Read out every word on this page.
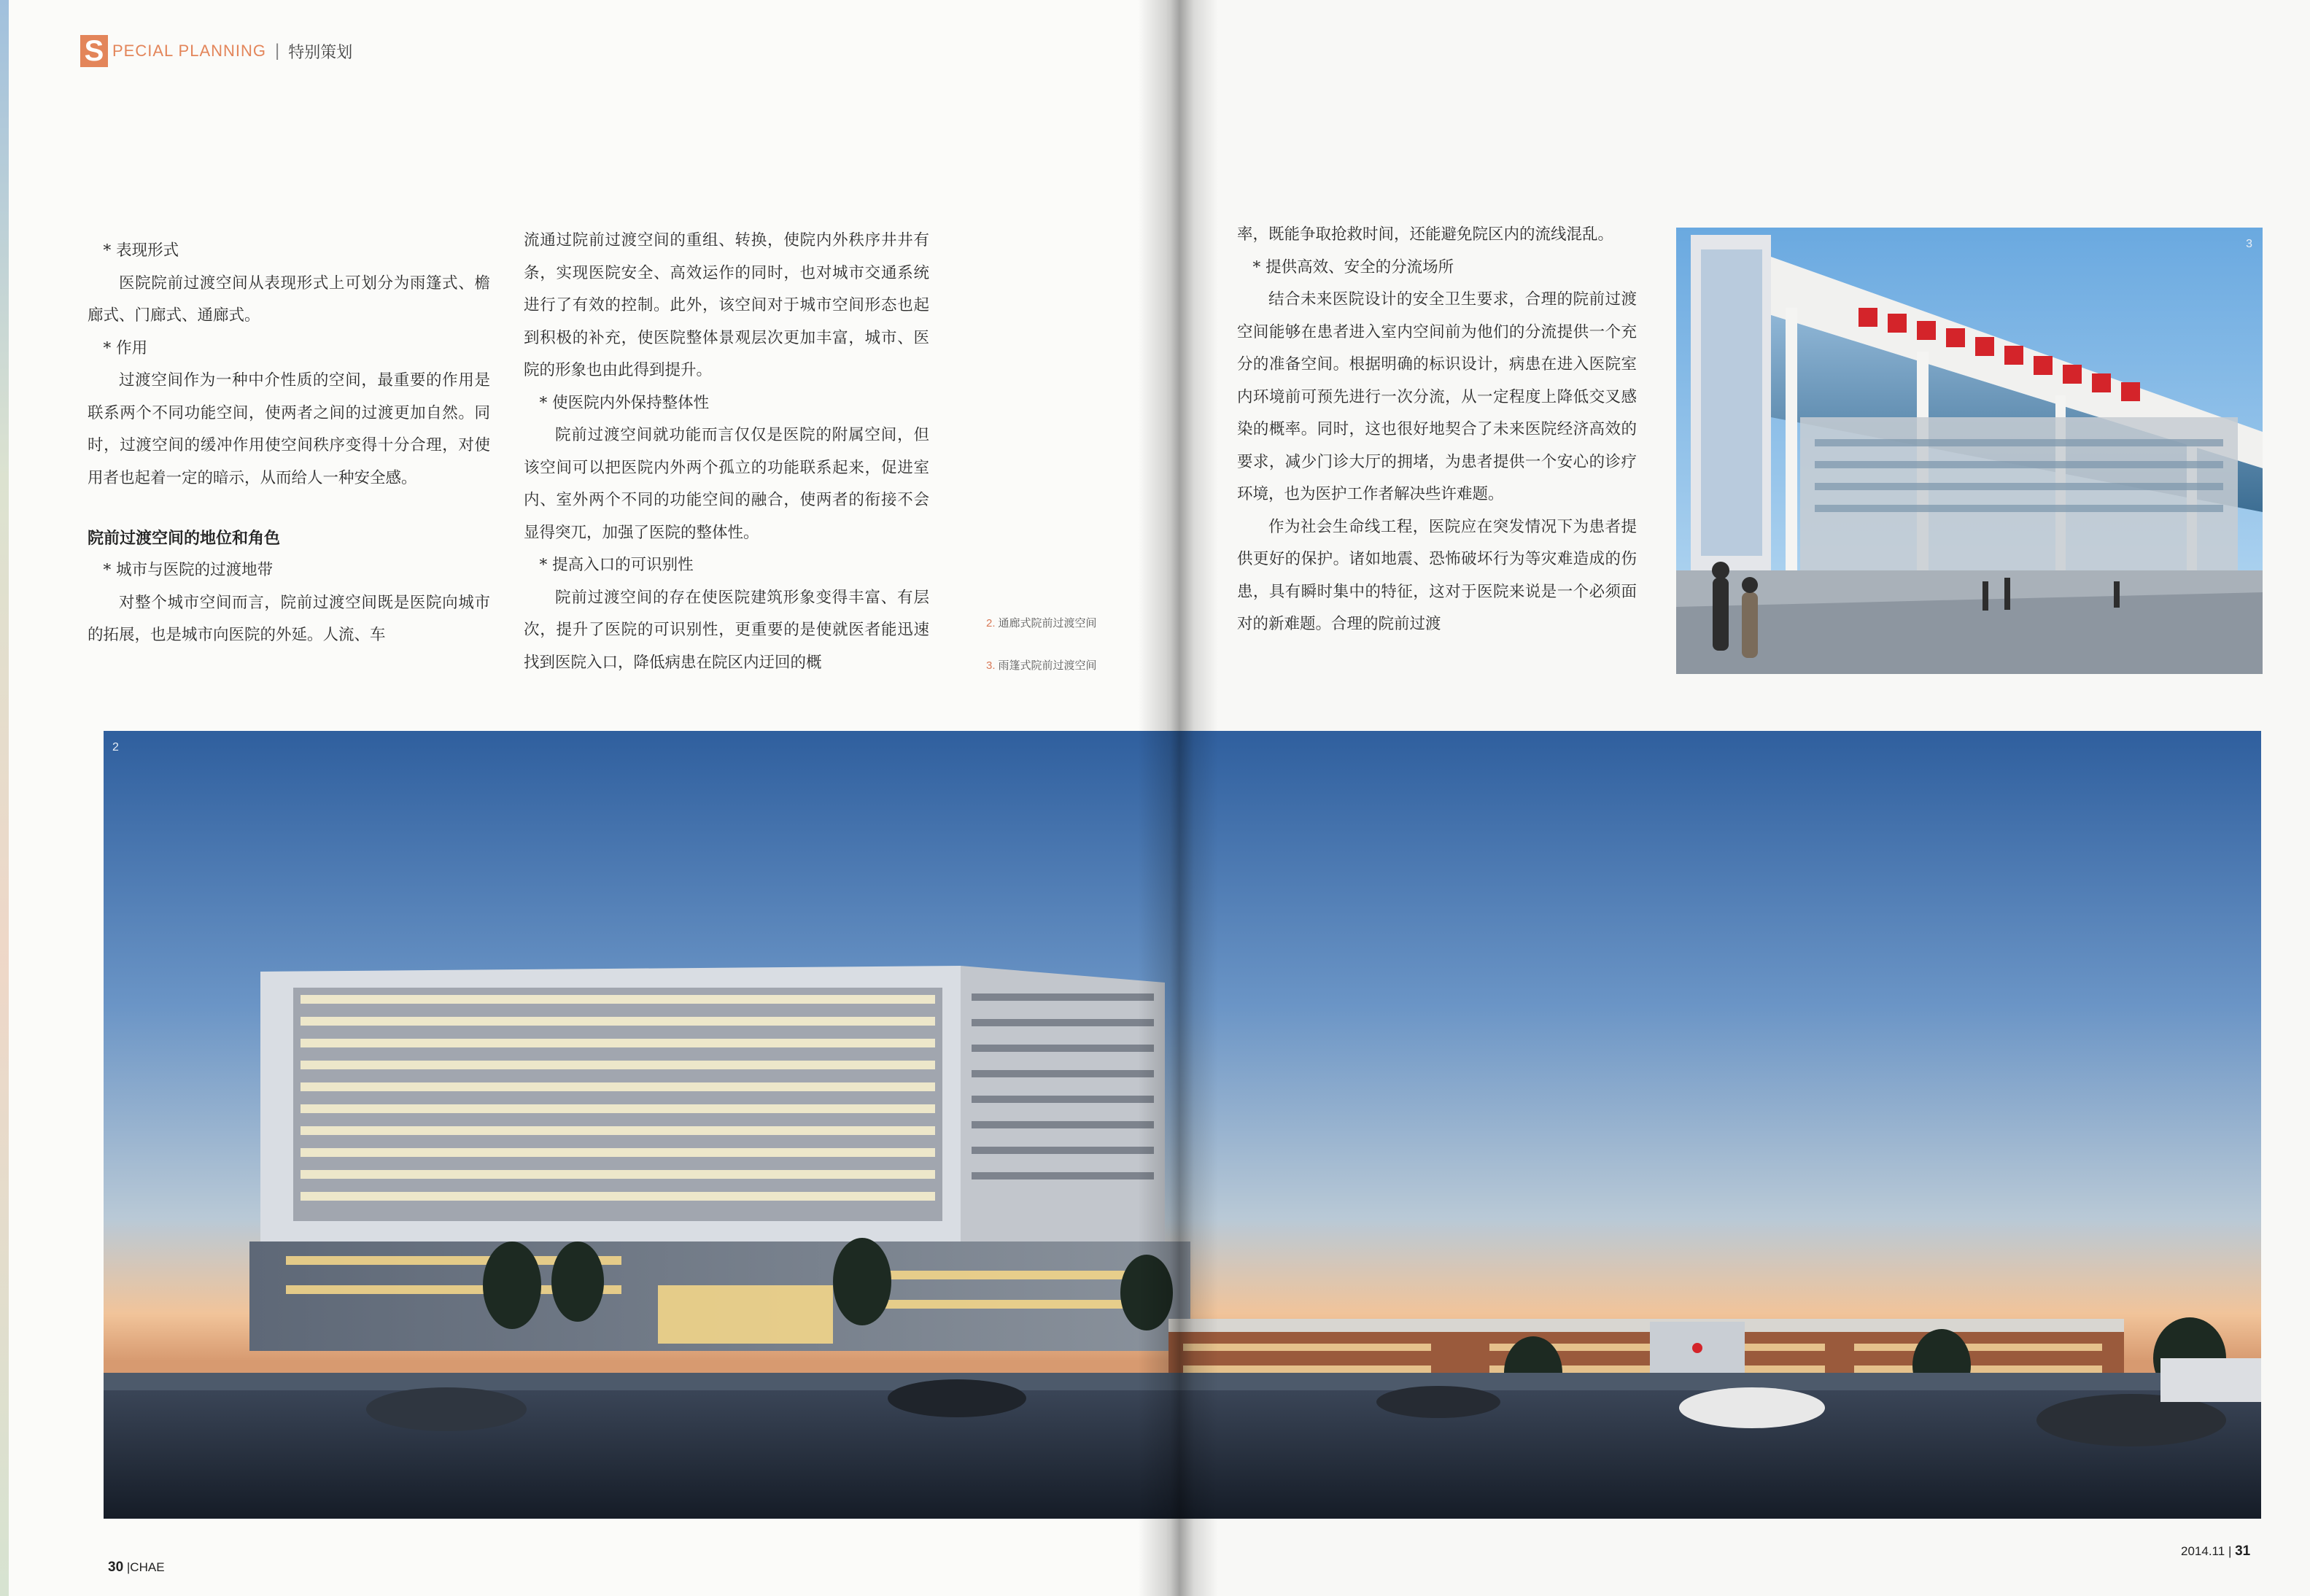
S PECIAL PLANNING | 特别策划

* 表现形式

医院院前过渡空间从表现形式上可划分为雨篷式、檐廊式、门廊式、通廊式。

* 作用

过渡空间作为一种中介性质的空间，最重要的作用是联系两个不同功能空间，使两者之间的过渡更加自然。同时，过渡空间的缓冲作用使空间秩序变得十分合理，对使用者也起着一定的暗示，从而给人一种安全感。

院前过渡空间的地位和角色

* 城市与医院的过渡地带

对整个城市空间而言，院前过渡空间既是医院向城市的拓展，也是城市向医院的外延。人流、车

流通过院前过渡空间的重组、转换，使院内外秩序井井有条，实现医院安全、高效运作的同时，也对城市交通系统进行了有效的控制。此外，该空间对于城市空间形态也起到积极的补充，使医院整体景观层次更加丰富，城市、医院的形象也由此得到提升。

* 使医院内外保持整体性

院前过渡空间就功能而言仅仅是医院的附属空间，但该空间可以把医院内外两个孤立的功能联系起来，促进室内、室外两个不同的功能空间的融合，使两者的衔接不会显得突兀，加强了医院的整体性。

* 提高入口的可识别性

院前过渡空间的存在使医院建筑形象变得丰富、有层次，提升了医院的可识别性，更重要的是使就医者能迅速找到医院入口，降低病患在院区内迂回的概

2. 通廊式院前过渡空间
3. 雨篷式院前过渡空间

率，既能争取抢救时间，还能避免院区内的流线混乱。

* 提供高效、安全的分流场所

结合未来医院设计的安全卫生要求，合理的院前过渡空间能够在患者进入室内空间前为他们的分流提供一个充分的准备空间。根据明确的标识设计，病患在进入医院室内环境前可预先进行一次分流，从一定程度上降低交叉感染的概率。同时，这也很好地契合了未来医院经济高效的要求，减少门诊大厅的拥堵，为患者提供一个安心的诊疗环境，也为医护工作者解决些许难题。

作为社会生命线工程，医院应在突发情况下为患者提供更好的保护。诸如地震、恐怖破坏行为等灾难造成的伤患，具有瞬时集中的特征，这对于医院来说是一个必须面对的新难题。合理的院前过渡

3
2
30 |CHAE
2014.11 | 31
